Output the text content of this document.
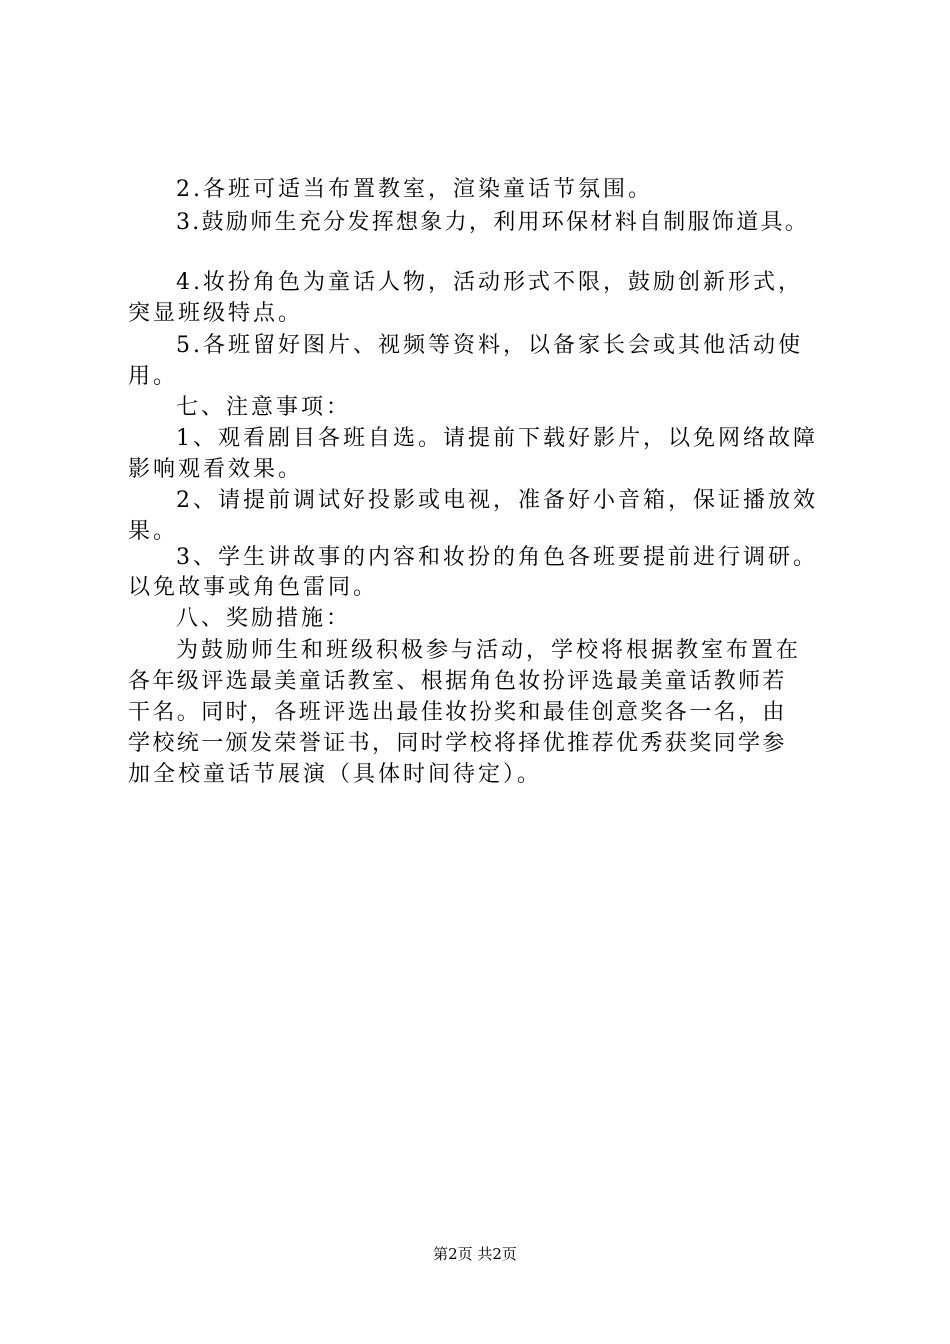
2.各班可适当布置教室，渲染童话节氛围。
3.鼓励师生充分发挥想象力，利用环保材料自制服饰道具。
4.妆扮角色为童话人物，活动形式不限，鼓励创新形式，
突显班级特点。
5.各班留好图片、视频等资料，以备家长会或其他活动使
用。
七、注意事项：
1、观看剧目各班自选。请提前下载好影片，以免网络故障
影响观看效果。
2、请提前调试好投影或电视，准备好小音箱，保证播放效
果。
3、学生讲故事的内容和妆扮的角色各班要提前进行调研。
以免故事或角色雷同。
八、奖励措施：
为鼓励师生和班级积极参与活动，学校将根据教室布置在
各年级评选最美童话教室、根据角色妆扮评选最美童话教师若
干名。同时，各班评选出最佳妆扮奖和最佳创意奖各一名，由
学校统一颁发荣誉证书，同时学校将择优推荐优秀获奖同学参
加全校童话节展演（具体时间待定）。
第2页 共2页
